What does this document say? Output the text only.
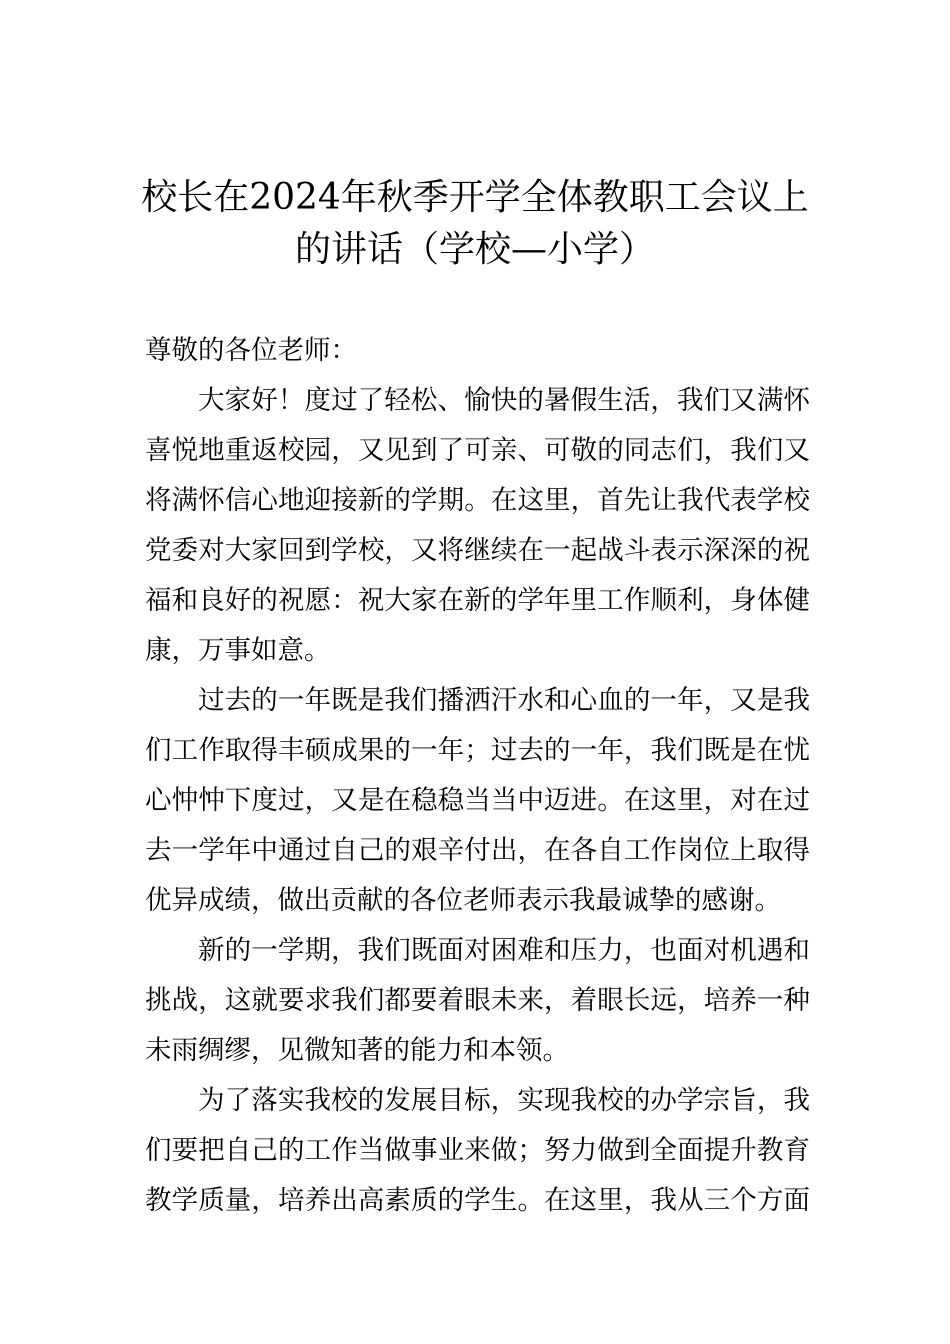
校长在2024年秋季开学全体教职工会议上
的讲话（学校—小学）

尊敬的各位老师：

大家好！度过了轻松、愉快的暑假生活，我们又满怀
喜悦地重返校园，又见到了可亲、可敬的同志们，我们又
将满怀信心地迎接新的学期。在这里，首先让我代表学校
党委对大家回到学校，又将继续在一起战斗表示深深的祝
福和良好的祝愿：祝大家在新的学年里工作顺利，身体健
康，万事如意。
过去的一年既是我们播洒汗水和心血的一年，又是我
们工作取得丰硕成果的一年；过去的一年，我们既是在忧
心忡忡下度过，又是在稳稳当当中迈进。在这里，对在过
去一学年中通过自己的艰辛付出，在各自工作岗位上取得
优异成绩，做出贡献的各位老师表示我最诚挚的感谢。
新的一学期，我们既面对困难和压力，也面对机遇和
挑战，这就要求我们都要着眼未来，着眼长远，培养一种
未雨绸缪，见微知著的能力和本领。
为了落实我校的发展目标，实现我校的办学宗旨，我
们要把自己的工作当做事业来做；努力做到全面提升教育
教学质量，培养出高素质的学生。在这里，我从三个方面
